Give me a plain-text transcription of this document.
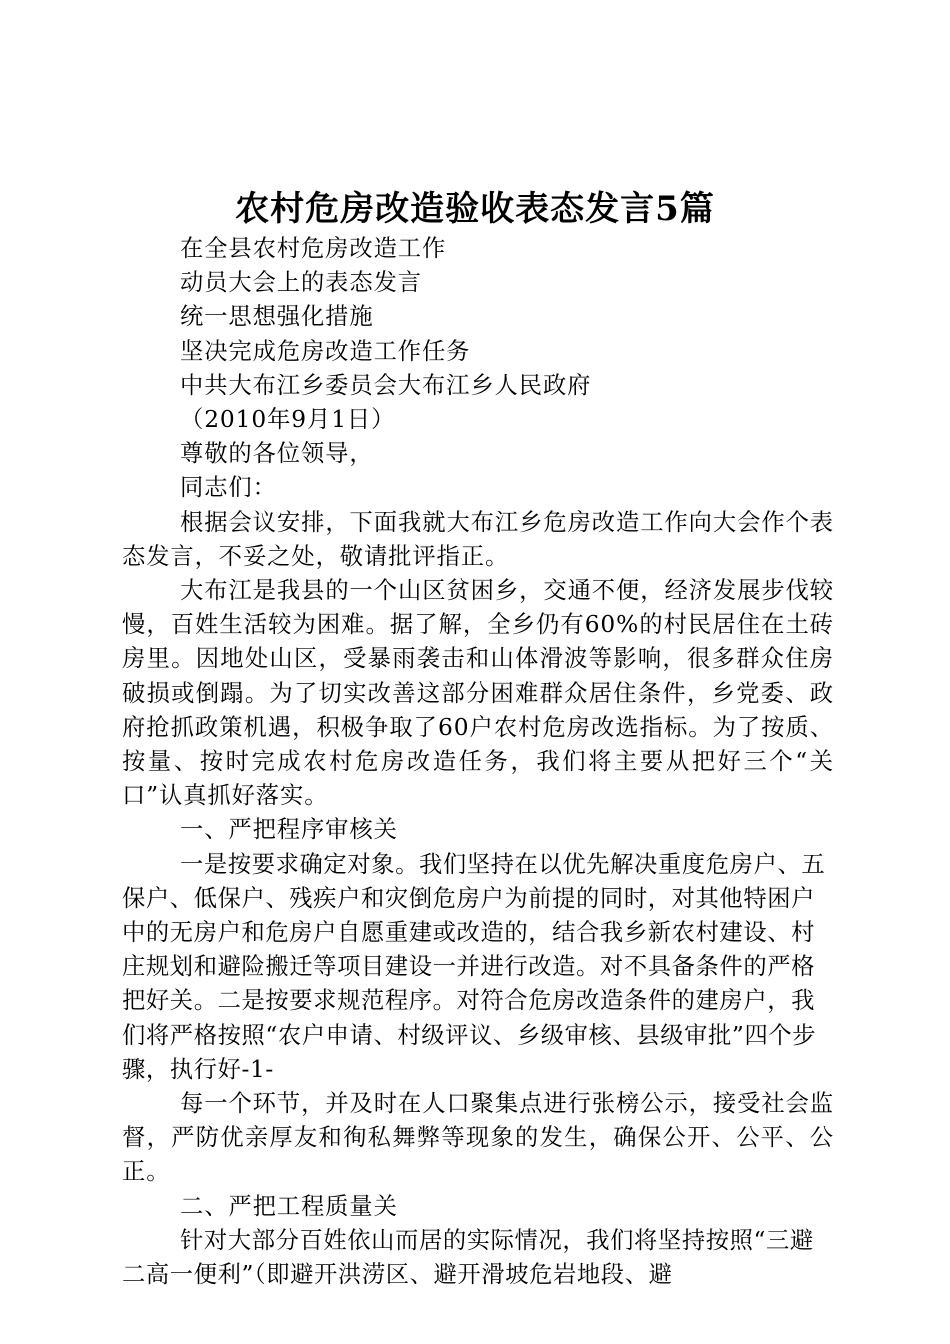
农村危房改造验收表态发言5篇

在全县农村危房改造工作

动员大会上的表态发言

统一思想强化措施

坚决完成危房改造工作任务

中共大布江乡委员会大布江乡人民政府

（2010年9月1日）

尊敬的各位领导，

同志们：

根据会议安排，下面我就大布江乡危房改造工作向大会作个表态发言，不妥之处，敬请批评指正。

大布江是我县的一个山区贫困乡，交通不便，经济发展步伐较慢，百姓生活较为困难。据了解，全乡仍有60%的村民居住在土砖房里。因地处山区，受暴雨袭击和山体滑波等影响，很多群众住房破损或倒蹋。为了切实改善这部分困难群众居住条件，乡党委、政府抢抓政策机遇，积极争取了60户农村危房改选指标。为了按质、按量、按时完成农村危房改造任务，我们将主要从把好三个“关口”认真抓好落实。

一、严把程序审核关

一是按要求确定对象。我们坚持在以优先解决重度危房户、五保户、低保户、残疾户和灾倒危房户为前提的同时，对其他特困户中的无房户和危房户自愿重建或改造的，结合我乡新农村建设、村庄规划和避险搬迁等项目建设一并进行改造。对不具备条件的严格把好关。二是按要求规范程序。对符合危房改造条件的建房户，我们将严格按照“农户申请、村级评议、乡级审核、县级审批”四个步骤，执行好-1-

每一个环节，并及时在人口聚集点进行张榜公示，接受社会监督，严防优亲厚友和徇私舞弊等现象的发生，确保公开、公平、公正。

二、严把工程质量关

针对大部分百姓依山而居的实际情况，我们将坚持按照“三避二高一便利”（即避开洪涝区、避开滑坡危岩地段、避
